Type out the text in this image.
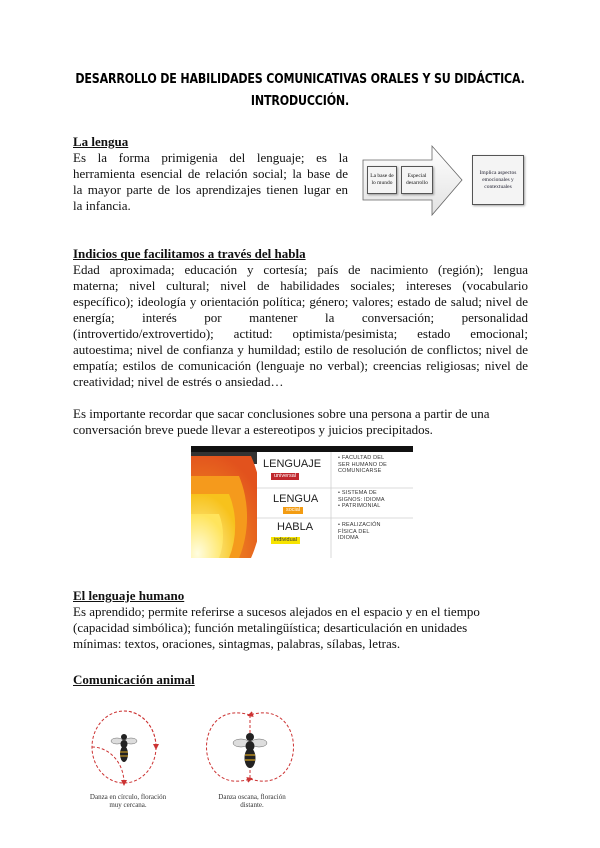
DESARROLLO DE HABILIDADES COMUNICATIVAS ORALES Y SU DIDÁCTICA.
INTRODUCCIÓN.
La lengua
Es la forma primigenia del lenguaje; es la
herramienta esencial de relación social; la base de
la mayor parte de los aprendizajes tienen lugar en
la infancia.
La base de lo mundo
Especial desarrollo
Implica aspectos emocionales y contextuales
Indicios que facilitamos a través del habla
Edad aproximada; educación y cortesía; país de nacimiento (región); lengua
materna; nivel cultural; nivel de habilidades sociales; intereses (vocabulario
específico); ideología y orientación política; género; valores; estado de salud; nivel de
energía; interés por mantener la conversación; personalidad
(introvertido/extrovertido); actitud: optimista/pesimista; estado emocional;
autoestima; nivel de confianza y humildad; estilo de resolución de conflictos; nivel de
empatía; estilos de comunicación (lenguaje no verbal); creencias religiosas; nivel de
creatividad; nivel de estrés o ansiedad…
Es importante recordar que sacar conclusiones sobre una persona a partir de una
conversación breve puede llevar a estereotipos y juicios precipitados.
LENGUAJE
universal
LENGUA
social
HABLA
individual
• FACULTAD DEL
SER HUMANO DE
COMUNICARSE
• SISTEMA DE
SIGNOS: IDIOMA
• PATRIMONIAL
• REALIZACIÓN
FÍSICA DEL
IDIOMA
El lenguaje humano
Es aprendido; permite referirse a sucesos alejados en el espacio y en el tiempo
(capacidad simbólica); función metalingüística; desarticulación en unidades
mínimas: textos, oraciones, sintagmas, palabras, sílabas, letras.
Comunicación animal
Danza en círculo, floración
muy cercana.
Danza oscana, floración
distante.
